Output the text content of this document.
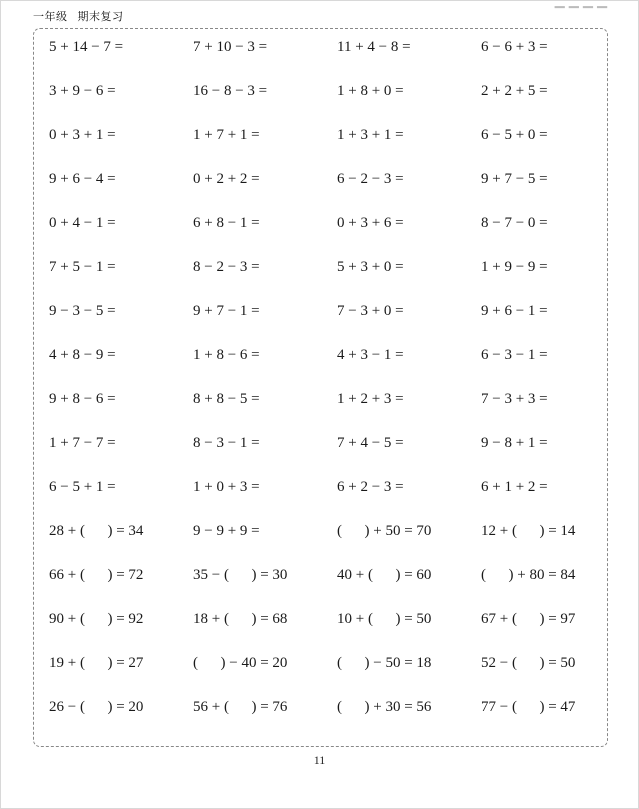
▁ ▁ ▁ ▁
一年级 期末复习
5 + 14 − 7 =	7 + 10 − 3 =	11 + 4 − 8 =	6 − 6 + 3 =
3 + 9 − 6 =	16 − 8 − 3 =	1 + 8 + 0 =	2 + 2 + 5 =
0 + 3 + 1 =	1 + 7 + 1 =	1 + 3 + 1 =	6 − 5 + 0 =
9 + 6 − 4 =	0 + 2 + 2 =	6 − 2 − 3 =	9 + 7 − 5 =
0 + 4 − 1 =	6 + 8 − 1 =	0 + 3 + 6 =	8 − 7 − 0 =
7 + 5 − 1 =	8 − 2 − 3 =	5 + 3 + 0 =	1 + 9 − 9 =
9 − 3 − 5 =	9 + 7 − 1 =	7 − 3 + 0 =	9 + 6 − 1 =
4 + 8 − 9 =	1 + 8 − 6 =	4 + 3 − 1 =	6 − 3 − 1 =
9 + 8 − 6 =	8 + 8 − 5 =	1 + 2 + 3 =	7 − 3 + 3 =
1 + 7 − 7 =	8 − 3 − 1 =	7 + 4 − 5 =	9 − 8 + 1 =
6 − 5 + 1 =	1 + 0 + 3 =	6 + 2 − 3 =	6 + 1 + 2 =
28 + (      ) = 34	9 − 9 + 9 =	(      ) + 50 = 70	12 + (      ) = 14
66 + (      ) = 72	35 − (      ) = 30	40 + (      ) = 60	(      ) + 80 = 84
90 + (      ) = 92	18 + (      ) = 68	10 + (      ) = 50	67 + (      ) = 97
19 + (      ) = 27	(      ) − 40 = 20	(      ) − 50 = 18	52 − (      ) = 50
26 − (      ) = 20	56 + (      ) = 76	(      ) + 30 = 56	77 − (      ) = 47
11
